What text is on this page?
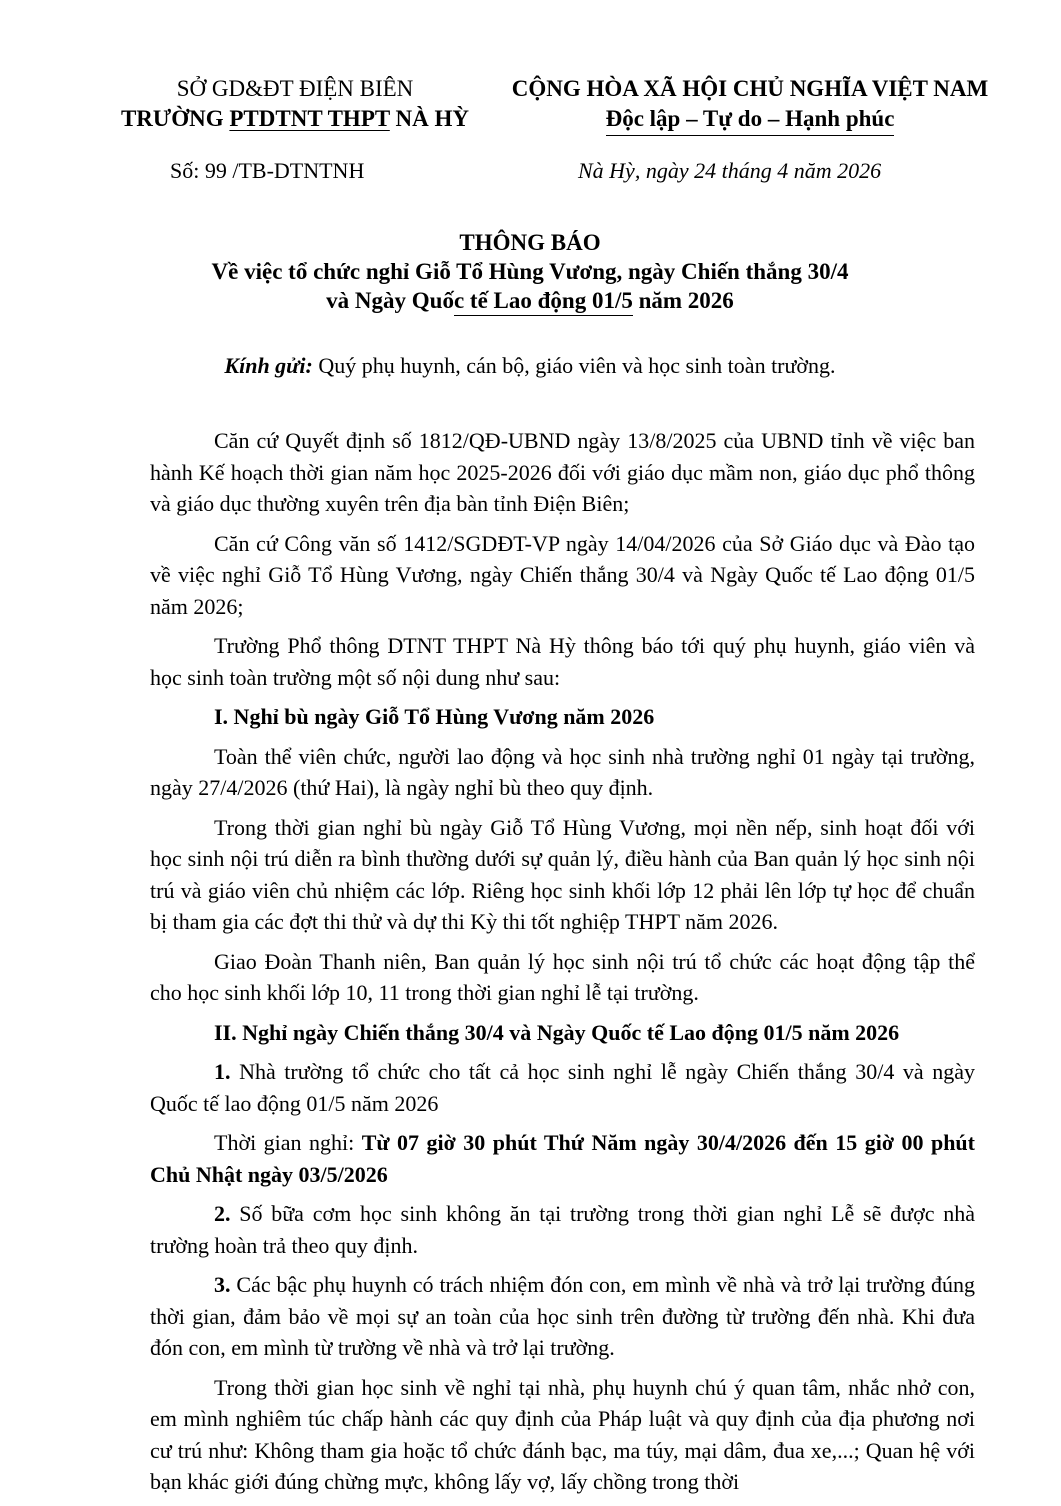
SỞ GD&ĐT ĐIỆN BIÊN
TRƯỜNG PTDTNT THPT NÀ HỲ
CỘNG HÒA XÃ HỘI CHỦ NGHĨA VIỆT NAM
Độc lập – Tự do – Hạnh phúc
Số: 99 /TB-DTNTNH	Nà Hỳ, ngày 24 tháng 4 năm 2026
THÔNG BÁO
Về việc tổ chức nghỉ Giỗ Tổ Hùng Vương, ngày Chiến thắng 30/4
và Ngày Quốc tế Lao động 01/5 năm 2026
Kính gửi: Quý phụ huynh, cán bộ, giáo viên và học sinh toàn trường.

Căn cứ Quyết định số 1812/QĐ-UBND ngày 13/8/2025 của UBND tỉnh về việc ban hành Kế hoạch thời gian năm học 2025-2026 đối với giáo dục mầm non, giáo dục phổ thông và giáo dục thường xuyên trên địa bàn tỉnh Điện Biên;

Căn cứ Công văn số 1412/SGDĐT-VP ngày 14/04/2026 của Sở Giáo dục và Đào tạo về việc nghỉ Giỗ Tổ Hùng Vương, ngày Chiến thắng 30/4 và Ngày Quốc tế Lao động 01/5 năm 2026;

Trường Phổ thông DTNT THPT Nà Hỳ thông báo tới quý phụ huynh, giáo viên và học sinh toàn trường một số nội dung như sau:

I. Nghỉ bù ngày Giỗ Tổ Hùng Vương năm 2026

Toàn thể viên chức, người lao động và học sinh nhà trường nghỉ 01 ngày tại trường, ngày 27/4/2026 (thứ Hai), là ngày nghỉ bù theo quy định.

Trong thời gian nghỉ bù ngày Giỗ Tổ Hùng Vương, mọi nền nếp, sinh hoạt đối với học sinh nội trú diễn ra bình thường dưới sự quản lý, điều hành của Ban quản lý học sinh nội trú và giáo viên chủ nhiệm các lớp. Riêng học sinh khối lớp 12 phải lên lớp tự học để chuẩn bị tham gia các đợt thi thử và dự thi Kỳ thi tốt nghiệp THPT năm 2026.

Giao Đoàn Thanh niên, Ban quản lý học sinh nội trú tổ chức các hoạt động tập thể cho học sinh khối lớp 10, 11 trong thời gian nghỉ lễ tại trường.

II. Nghỉ ngày Chiến thắng 30/4 và Ngày Quốc tế Lao động 01/5 năm 2026

1. Nhà trường tổ chức cho tất cả học sinh nghỉ lễ ngày Chiến thắng 30/4 và ngày Quốc tế lao động 01/5 năm 2026

Thời gian nghỉ: Từ 07 giờ 30 phút Thứ Năm ngày 30/4/2026 đến 15 giờ 00 phút Chủ Nhật ngày 03/5/2026

2. Số bữa cơm học sinh không ăn tại trường trong thời gian nghỉ Lễ sẽ được nhà trường hoàn trả theo quy định.

3. Các bậc phụ huynh có trách nhiệm đón con, em mình về nhà và trở lại trường đúng thời gian, đảm bảo về mọi sự an toàn của học sinh trên đường từ trường đến nhà. Khi đưa đón con, em mình từ trường về nhà và trở lại trường.

Trong thời gian học sinh về nghỉ tại nhà, phụ huynh chú ý quan tâm, nhắc nhở con, em mình nghiêm túc chấp hành các quy định của Pháp luật và quy định của địa phương nơi cư trú như: Không tham gia hoặc tổ chức đánh bạc, ma túy, mại dâm, đua xe,...; Quan hệ với bạn khác giới đúng chừng mực, không lấy vợ, lấy chồng trong thời
